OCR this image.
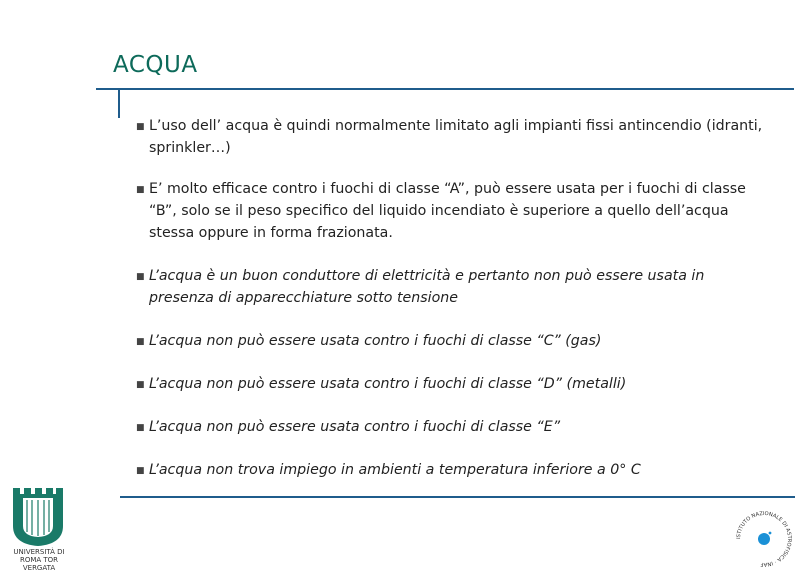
ACQUA
■ L’uso dell’ acqua è quindi normalmente limitato agli impianti fissi antincendio (idranti, sprinkler…)
■ E’ molto efficace contro i fuochi di classe “A”, può essere usata per i fuochi di classe “B”, solo se il peso specifico del liquido incendiato è superiore a quello dell’acqua stessa oppure in forma frazionata.
■ L’acqua è un buon conduttore di elettricità e pertanto non può essere usata in presenza di apparecchiature sotto tensione
■ L’acqua non può essere usata contro i fuochi di classe “C” (gas)
■ L’acqua non può essere usata contro i fuochi di classe “D” (metalli)
■ L’acqua non può essere usata contro i fuochi di classe “E”
■ L’acqua non trova impiego in ambienti a temperatura inferiore a 0° C
UNIVERSITÀ DI ROMA TOR VERGATA
ISTITUTO NAZIONALE DI ASTROFISICA · INAF
